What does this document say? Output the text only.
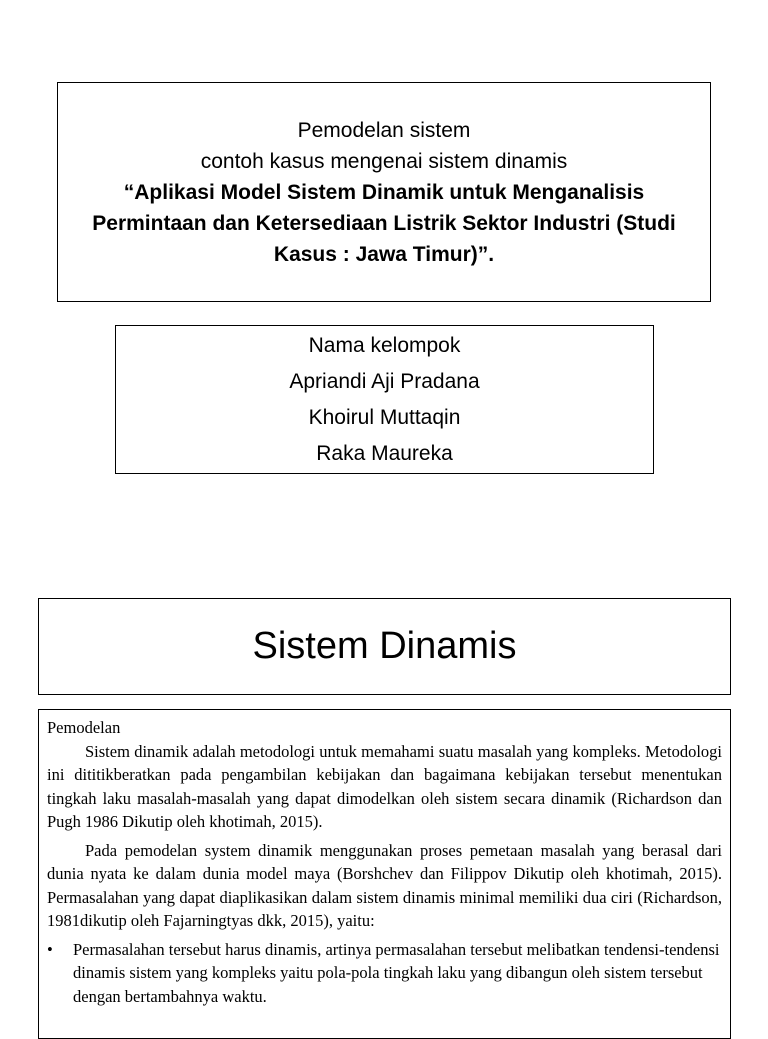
Pemodelan sistem
contoh kasus mengenai sistem dinamis
“Aplikasi Model Sistem Dinamik untuk Menganalisis Permintaan dan Ketersediaan Listrik Sektor Industri (Studi Kasus : Jawa Timur)”.
Nama kelompok
Apriandi Aji Pradana
Khoirul Muttaqin
Raka Maureka
Sistem Dinamis

Pemodelan

Sistem dinamik adalah metodologi untuk memahami suatu masalah yang kompleks. Metodologi ini dititikberatkan pada pengambilan kebijakan dan bagaimana kebijakan tersebut menentukan tingkah laku masalah-masalah yang dapat dimodelkan oleh sistem secara dinamik (Richardson dan Pugh 1986 Dikutip oleh khotimah, 2015).

Pada pemodelan system dinamik menggunakan proses pemetaan masalah yang berasal dari dunia nyata ke dalam dunia model maya (Borshchev dan Filippov Dikutip oleh khotimah, 2015). Permasalahan yang dapat diaplikasikan dalam sistem dinamis minimal memiliki dua ciri (Richardson, 1981dikutip oleh Fajarningtyas dkk, 2015), yaitu:

• Permasalahan tersebut harus dinamis, artinya permasalahan tersebut melibatkan tendensi-tendensi dinamis sistem yang kompleks yaitu pola-pola tingkah laku yang dibangun oleh sistem tersebut dengan bertambahnya waktu.
